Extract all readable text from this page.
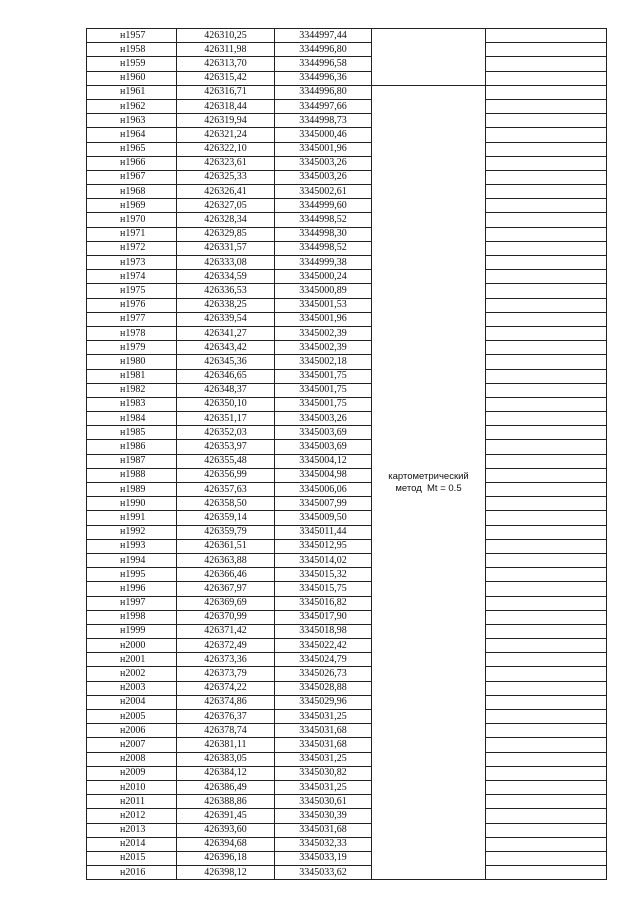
н1957	426310,25	3344997,44		
н1958	426311,98	3344996,80		
н1959	426313,70	3344996,58		
н1960	426315,42	3344996,36		
н1961	426316,71	3344996,80	картометрический
метод  Mt = 0.5	

н1962	426318,44	3344997,66		
н1963	426319,94	3344998,73		
н1964	426321,24	3345000,46		
н1965	426322,10	3345001,96		
н1966	426323,61	3345003,26		
н1967	426325,33	3345003,26		
н1968	426326,41	3345002,61		
н1969	426327,05	3344999,60		
н1970	426328,34	3344998,52		
н1971	426329,85	3344998,30		
н1972	426331,57	3344998,52		
н1973	426333,08	3344999,38		
н1974	426334,59	3345000,24		
н1975	426336,53	3345000,89		
н1976	426338,25	3345001,53		
н1977	426339,54	3345001,96		
н1978	426341,27	3345002,39		
н1979	426343,42	3345002,39		
н1980	426345,36	3345002,18		
н1981	426346,65	3345001,75		
н1982	426348,37	3345001,75		
н1983	426350,10	3345001,75		
н1984	426351,17	3345003,26		
н1985	426352,03	3345003,69		
н1986	426353,97	3345003,69		
н1987	426355,48	3345004,12		
н1988	426356,99	3345004,98		
н1989	426357,63	3345006,06		
н1990	426358,50	3345007,99		
н1991	426359,14	3345009,50		
н1992	426359,79	3345011,44		
н1993	426361,51	3345012,95		
н1994	426363,88	3345014,02		
н1995	426366,46	3345015,32		
н1996	426367,97	3345015,75		
н1997	426369,69	3345016,82		
н1998	426370,99	3345017,90		
н1999	426371,42	3345018,98		
н2000	426372,49	3345022,42		
н2001	426373,36	3345024,79		
н2002	426373,79	3345026,73		
н2003	426374,22	3345028,88		
н2004	426374,86	3345029,96		
н2005	426376,37	3345031,25		
н2006	426378,74	3345031,68		
н2007	426381,11	3345031,68		
н2008	426383,05	3345031,25		
н2009	426384,12	3345030,82		
н2010	426386,49	3345031,25		
н2011	426388,86	3345030,61		
н2012	426391,45	3345030,39		
н2013	426393,60	3345031,68		
н2014	426394,68	3345032,33		
н2015	426396,18	3345033,19		
н2016	426398,12	3345033,62		
